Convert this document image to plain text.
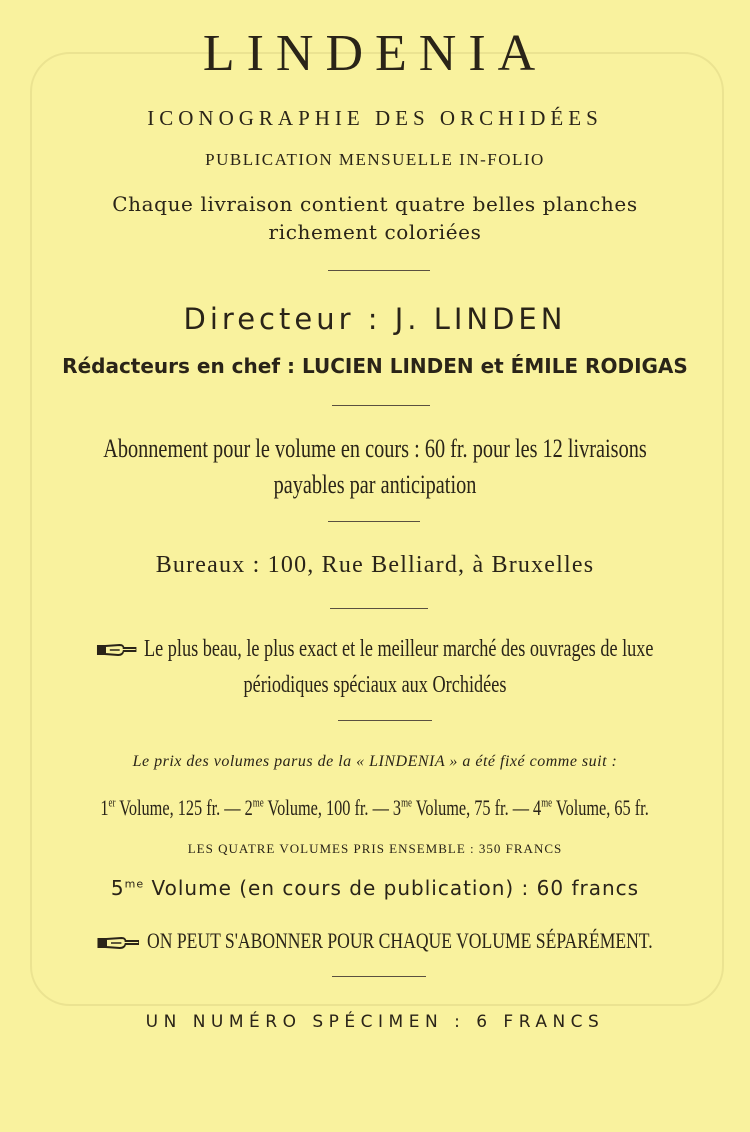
LINDENIA
ICONOGRAPHIE DES ORCHIDÉES
PUBLICATION MENSUELLE IN-FOLIO
Chaque livraison contient quatre belles planches
richement coloriées
Directeur : J. LINDEN
Rédacteurs en chef : LUCIEN LINDEN et ÉMILE RODIGAS
Abonnement pour le volume en cours : 60 fr. pour les 12 livraisons
payables par anticipation
Bureaux : 100, Rue Belliard, à Bruxelles
Le plus beau, le plus exact et le meilleur marché des ouvrages de luxe
périodiques spéciaux aux Orchidées
Le prix des volumes parus de la « LINDENIA » a été fixé comme suit :
1er Volume, 125 fr. — $2^{me}$ Volume, 100 fr. — $3^{me}$ Volume, 75 fr. — $4^{me}$ Volume, 65 fr.
LES QUATRE VOLUMES PRIS ENSEMBLE : 350 FRANCS
$5^{me}$ Volume (en cours de publication) : 60 francs
ON PEUT S'ABONNER POUR CHAQUE VOLUME SÉPARÉMENT.
UN NUMÉRO SPÉCIMEN : 6 FRANCS
